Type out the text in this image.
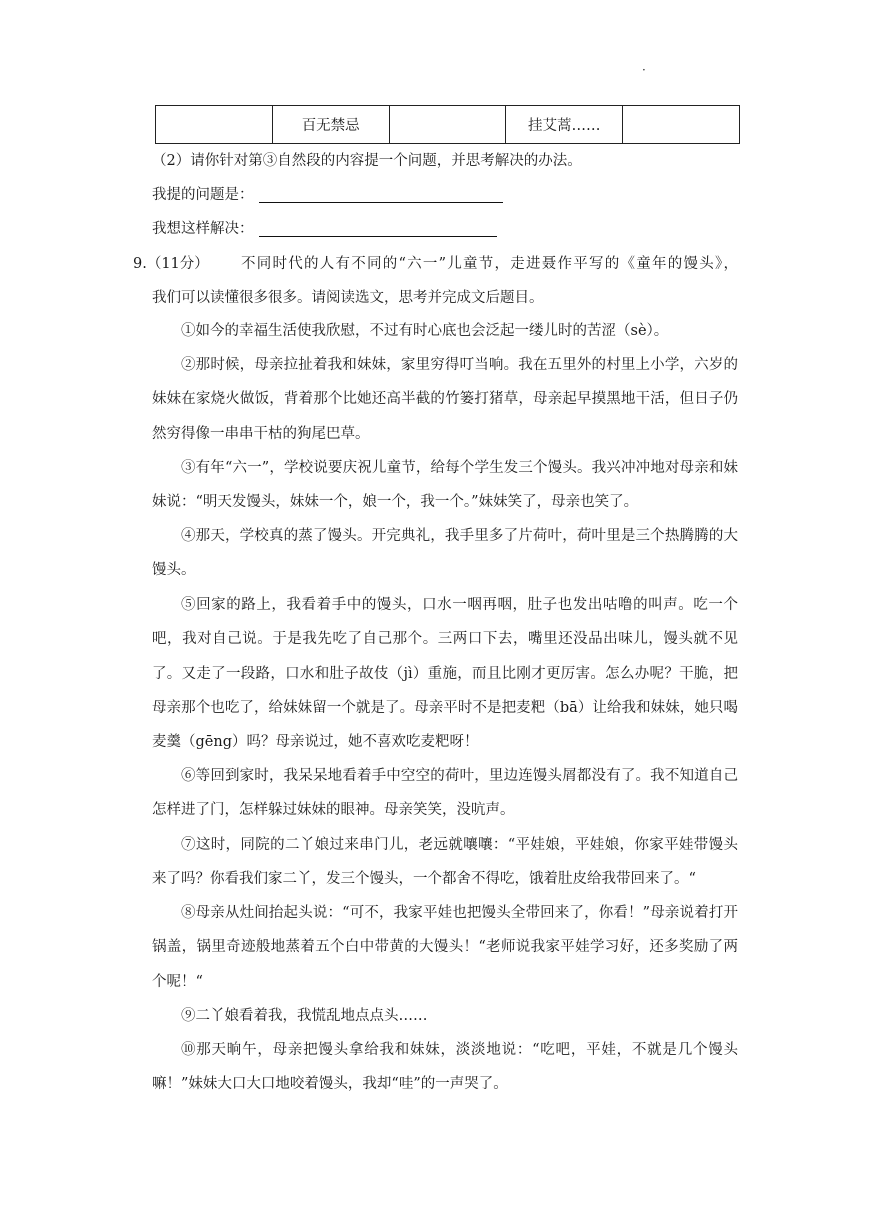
·
	百无禁忌		挂艾蒿……	
（2）请你针对第③自然段的内容提一个问题，并思考解决的办法。
我提的问题是：
我想这样解决：
9.（11分） 不同时代的人有不同的“六一”儿童节，走进聂作平写的《童年的馒头》，
我们可以读懂很多很多。请阅读选文，思考并完成文后题目。

①如今的幸福生活使我欣慰，不过有时心底也会泛起一缕儿时的苦涩（sè）。

②那时候，母亲拉扯着我和妹妹，家里穷得叮当响。我在五里外的村里上小学，六岁的妹妹在家烧火做饭，背着那个比她还高半截的竹篓打猪草，母亲起早摸黑地干活，但日子仍然穷得像一串串干枯的狗尾巴草。

③有年“六一”，学校说要庆祝儿童节，给每个学生发三个馒头。我兴冲冲地对母亲和妹妹说：“明天发馒头，妹妹一个，娘一个，我一个。”妹妹笑了，母亲也笑了。

④那天，学校真的蒸了馒头。开完典礼，我手里多了片荷叶，荷叶里是三个热腾腾的大馒头。

⑤回家的路上，我看着手中的馒头，口水一咽再咽，肚子也发出咕噜的叫声。吃一个吧，我对自己说。于是我先吃了自己那个。三两口下去，嘴里还没品出味儿，馒头就不见了。又走了一段路，口水和肚子故伎（jì）重施，而且比刚才更厉害。怎么办呢？干脆，把母亲那个也吃了，给妹妹留一个就是了。母亲平时不是把麦粑（bā）让给我和妹妹，她只喝麦羹（gēng）吗？母亲说过，她不喜欢吃麦粑呀！

⑥等回到家时，我呆呆地看着手中空空的荷叶，里边连馒头屑都没有了。我不知道自己怎样进了门，怎样躲过妹妹的眼神。母亲笑笑，没吭声。

⑦这时，同院的二丫娘过来串门儿，老远就嚷嚷：“平娃娘，平娃娘，你家平娃带馒头来了吗？你看我们家二丫，发三个馒头，一个都舍不得吃，饿着肚皮给我带回来了。“

⑧母亲从灶间抬起头说：“可不，我家平娃也把馒头全带回来了，你看！”母亲说着打开锅盖，锅里奇迹般地蒸着五个白中带黄的大馒头！“老师说我家平娃学习好，还多奖励了两个呢！“

⑨二丫娘看着我，我慌乱地点点头……

⑩那天晌午，母亲把馒头拿给我和妹妹，淡淡地说：“吃吧，平娃，不就是几个馒头嘛！”妹妹大口大口地咬着馒头，我却“哇”的一声哭了。
